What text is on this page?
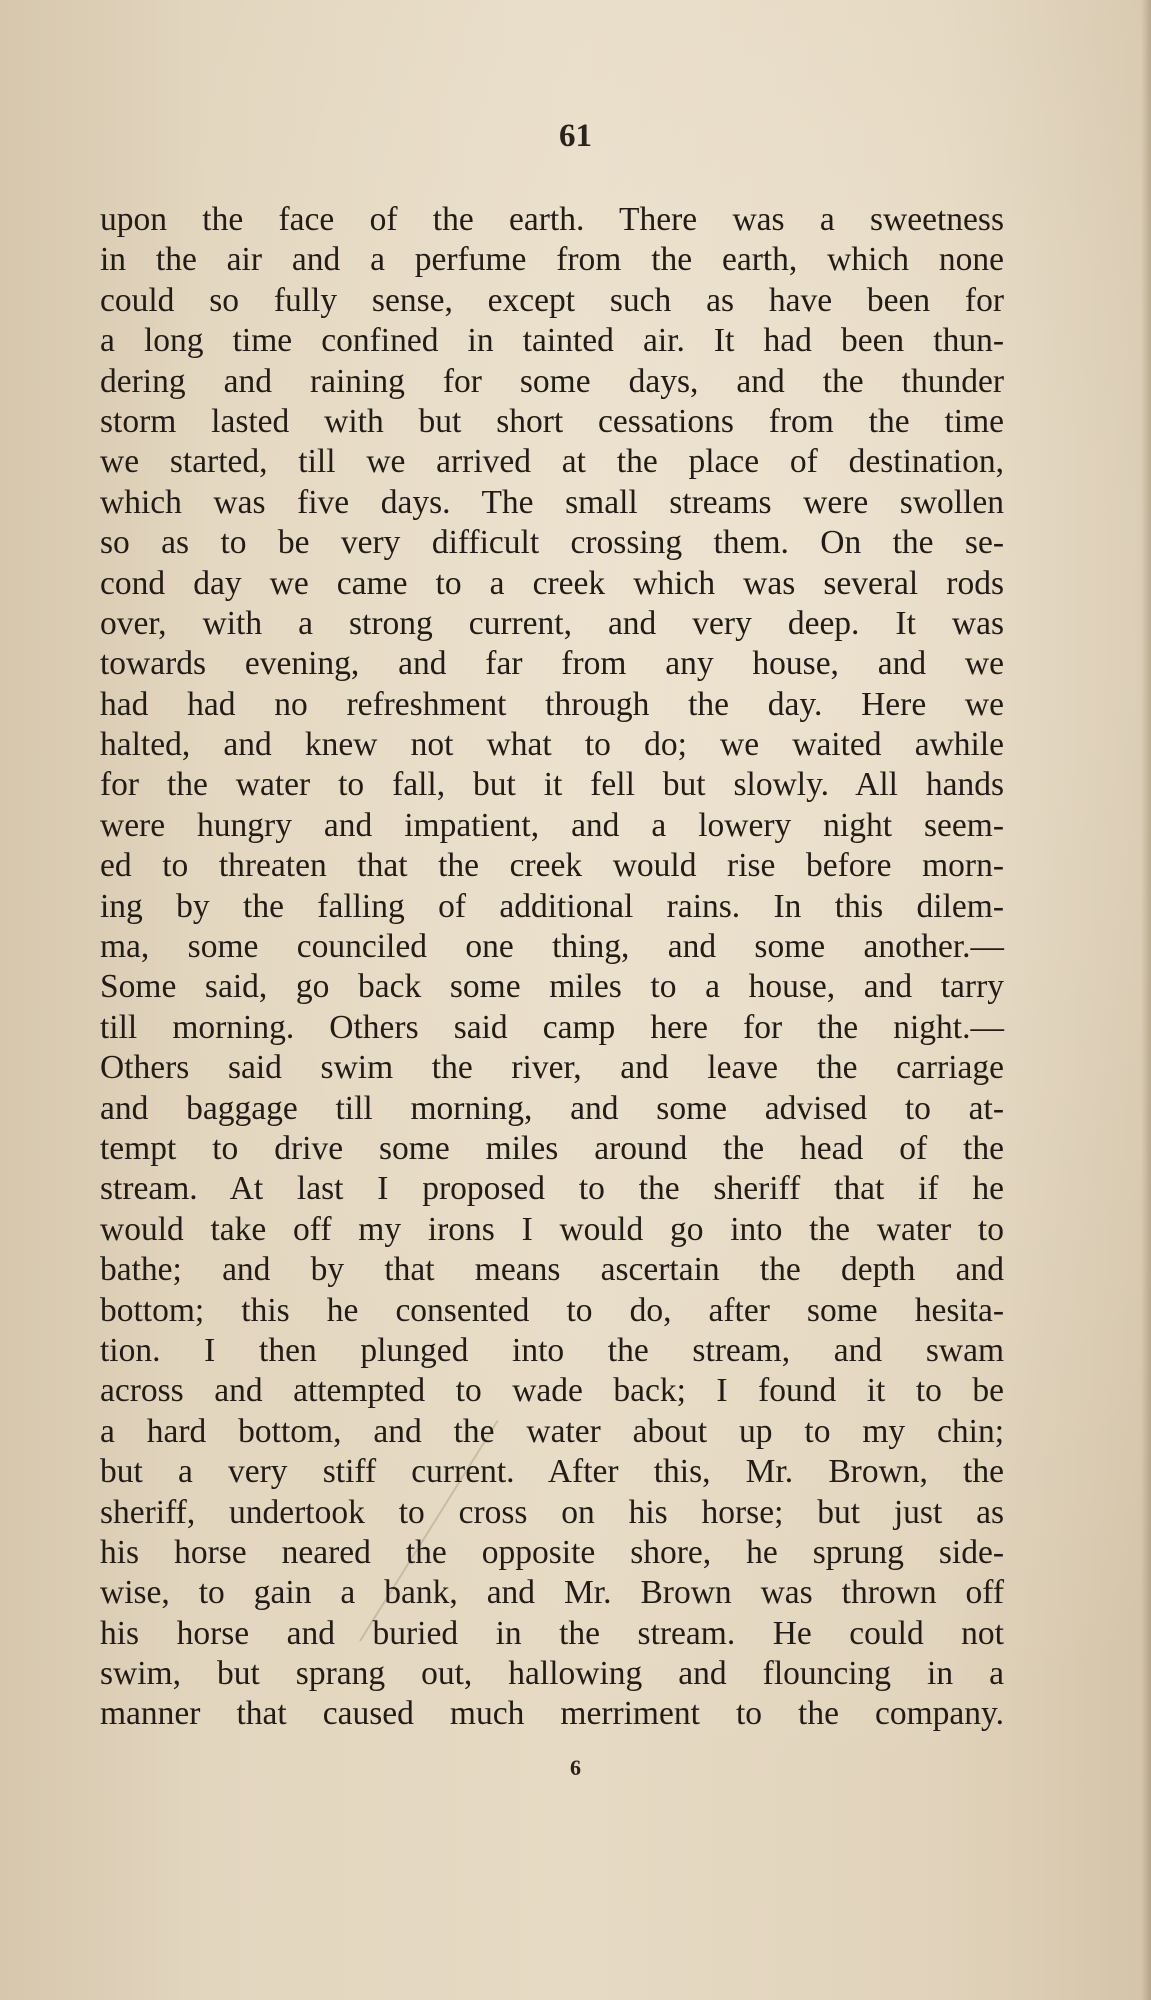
61

upon the face of the earth. There was a sweetness
in the air and a perfume from the earth, which none
could so fully sense, except such as have been for
a long time confined in tainted air. It had been thun-
dering and raining for some days, and the thunder
storm lasted with but short cessations from the time
we started, till we arrived at the place of destination,
which was five days. The small streams were swollen
so as to be very difficult crossing them. On the se-
cond day we came to a creek which was several rods
over, with a strong current, and very deep. It was
towards evening, and far from any house, and we
had had no refreshment through the day. Here we
halted, and knew not what to do; we waited awhile
for the water to fall, but it fell but slowly. All hands
were hungry and impatient, and a lowery night seem-
ed to threaten that the creek would rise before morn-
ing by the falling of additional rains. In this dilem-
ma, some counciled one thing, and some another.—
Some said, go back some miles to a house, and tarry
till morning. Others said camp here for the night.—
Others said swim the river, and leave the carriage
and baggage till morning, and some advised to at-
tempt to drive some miles around the head of the
stream. At last I proposed to the sheriff that if he
would take off my irons I would go into the water to
bathe; and by that means ascertain the depth and
bottom; this he consented to do, after some hesita-
tion. I then plunged into the stream, and swam
across and attempted to wade back; I found it to be
a hard bottom, and the water about up to my chin;
but a very stiff current. After this, Mr. Brown, the
sheriff, undertook to cross on his horse; but just as
his horse neared the opposite shore, he sprung side-
wise, to gain a bank, and Mr. Brown was thrown off
his horse and buried in the stream. He could not
swim, but sprang out, hallowing and flouncing in a
manner that caused much merriment to the company.

6
